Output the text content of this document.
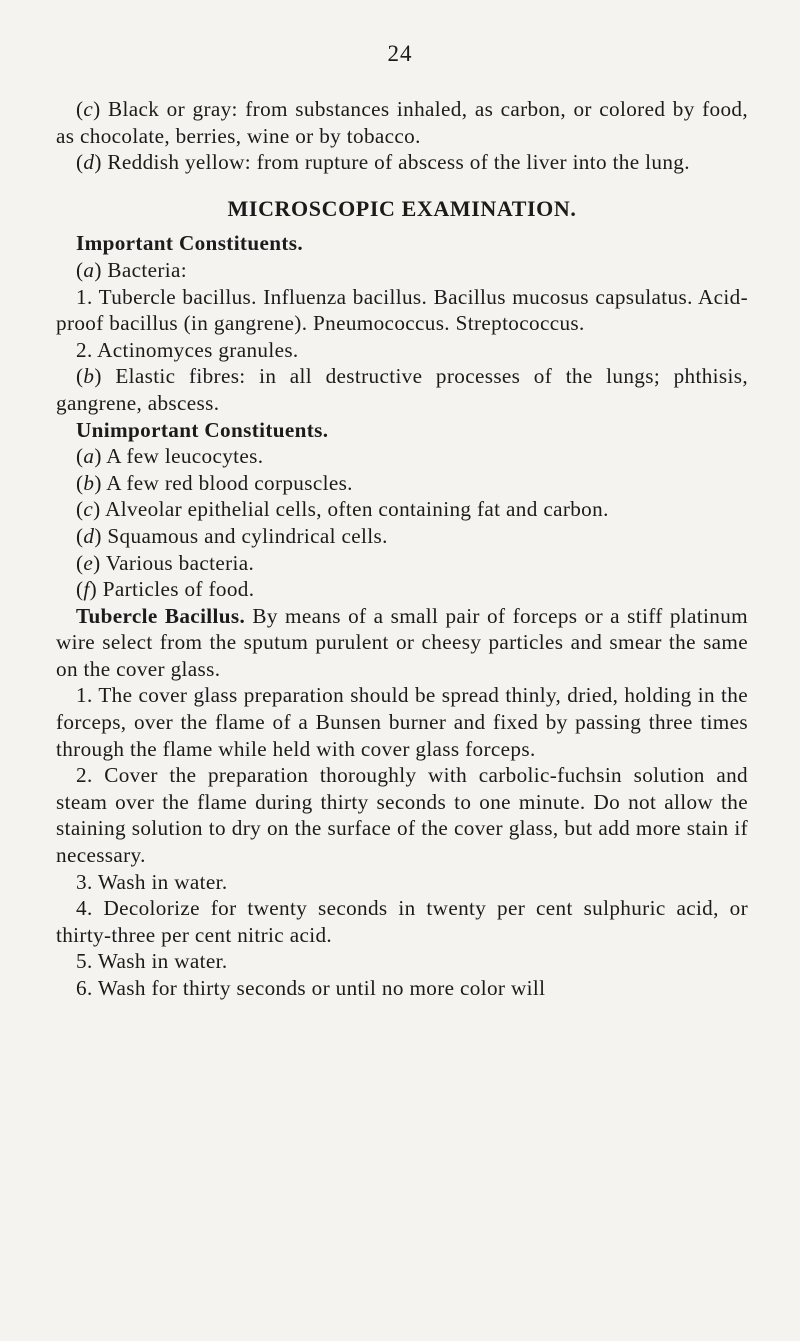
24

(c) Black or gray: from substances inhaled, as carbon, or colored by food, as chocolate, berries, wine or by tobacco.

(d) Reddish yellow: from rupture of abscess of the liver into the lung.

MICROSCOPIC EXAMINATION.

Important Constituents.

(a) Bacteria:

1. Tubercle bacillus. Influenza bacillus. Bacillus mucosus capsulatus. Acid-proof bacillus (in gangrene). Pneumococcus. Streptococcus.

2. Actinomyces granules.

(b) Elastic fibres: in all destructive processes of the lungs; phthisis, gangrene, abscess.

Unimportant Constituents.

(a) A few leucocytes.

(b) A few red blood corpuscles.

(c) Alveolar epithelial cells, often containing fat and carbon.

(d) Squamous and cylindrical cells.

(e) Various bacteria.

(f) Particles of food.

Tubercle Bacillus. By means of a small pair of forceps or a stiff platinum wire select from the sputum purulent or cheesy particles and smear the same on the cover glass.

1. The cover glass preparation should be spread thinly, dried, holding in the forceps, over the flame of a Bunsen burner and fixed by passing three times through the flame while held with cover glass forceps.

2. Cover the preparation thoroughly with carbolic-fuchsin solution and steam over the flame during thirty seconds to one minute. Do not allow the staining solution to dry on the surface of the cover glass, but add more stain if necessary.

3. Wash in water.

4. Decolorize for twenty seconds in twenty per cent sulphuric acid, or thirty-three per cent nitric acid.

5. Wash in water.

6. Wash for thirty seconds or until no more color will
